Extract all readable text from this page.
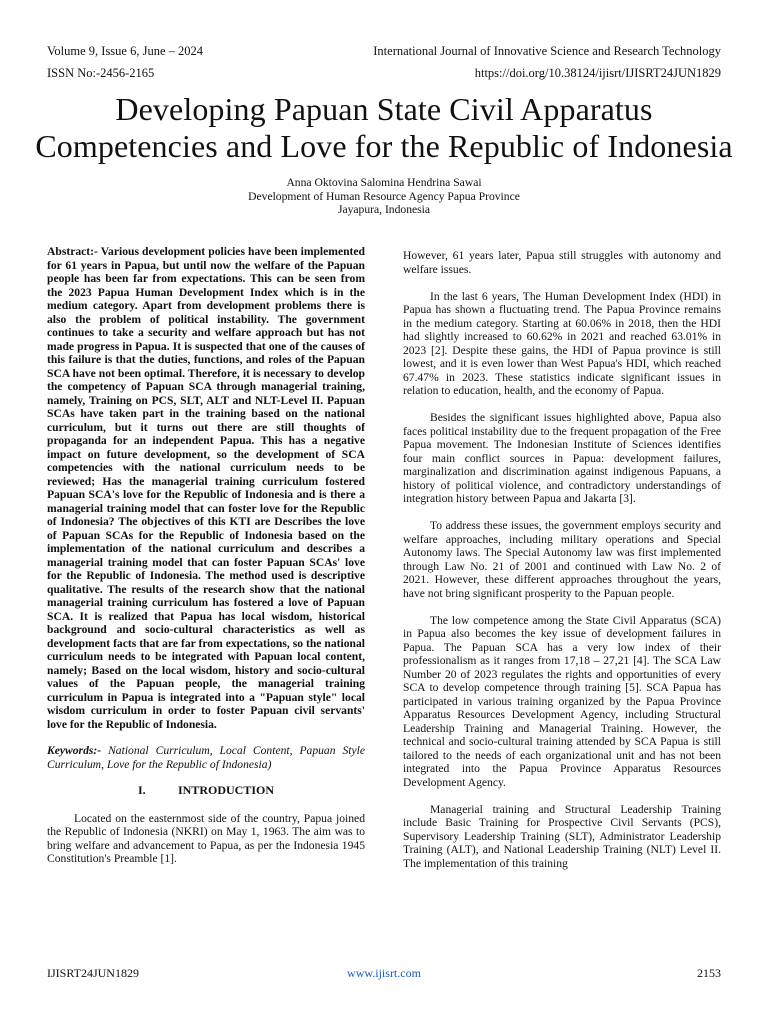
Volume 9, Issue 6, June – 2024	International Journal of Innovative Science and Research Technology
ISSN No:-2456-2165	https://doi.org/10.38124/ijisrt/IJISRT24JUN1829
Developing Papuan State Civil Apparatus
Competencies and Love for the Republic of Indonesia
Anna Oktovina Salomina Hendrina Sawai
Development of Human Resource Agency Papua Province
Jayapura, Indonesia

Abstract:- Various development policies have been implemented for 61 years in Papua, but until now the welfare of the Papuan people has been far from expectations. This can be seen from the 2023 Papua Human Development Index which is in the medium category. Apart from development problems there is also the problem of political instability. The government continues to take a security and welfare approach but has not made progress in Papua. It is suspected that one of the causes of this failure is that the duties, functions, and roles of the Papuan SCA have not been optimal. Therefore, it is necessary to develop the competency of Papuan SCA through managerial training, namely, Training on PCS, SLT, ALT and NLT-Level II. Papuan SCAs have taken part in the training based on the national curriculum, but it turns out there are still thoughts of propaganda for an independent Papua. This has a negative impact on future development, so the development of SCA competencies with the national curriculum needs to be reviewed; Has the managerial training curriculum fostered Papuan SCA's love for the Republic of Indonesia and is there a managerial training model that can foster love for the Republic of Indonesia? The objectives of this KTI are Describes the love of Papuan SCAs for the Republic of Indonesia based on the implementation of the national curriculum and describes a managerial training model that can foster Papuan SCAs' love for the Republic of Indonesia. The method used is descriptive qualitative. The results of the research show that the national managerial training curriculum has fostered a love of Papuan SCA. It is realized that Papua has local wisdom, historical background and socio-cultural characteristics as well as development facts that are far from expectations, so the national curriculum needs to be integrated with Papuan local content, namely; Based on the local wisdom, history and socio-cultural values of the Papuan people, the managerial training curriculum in Papua is integrated into a "Papuan style" local wisdom curriculum in order to foster Papuan civil servants' love for the Republic of Indonesia.

Keywords:- National Curriculum, Local Content, Papuan Style Curriculum, Love for the Republic of Indonesia)

I.	INTRODUCTION

Located on the easternmost side of the country, Papua joined the Republic of Indonesia (NKRI) on May 1, 1963. The aim was to bring welfare and advancement to Papua, as per the Indonesia 1945 Constitution's Preamble [1].

However, 61 years later, Papua still struggles with autonomy and welfare issues.

In the last 6 years, The Human Development Index (HDI) in Papua has shown a fluctuating trend. The Papua Province remains in the medium category. Starting at 60.06% in 2018, then the HDI had slightly increased to 60.62% in 2021 and reached 63.01% in 2023 [2]. Despite these gains, the HDI of Papua province is still lowest, and it is even lower than West Papua's HDI, which reached 67.47% in 2023. These statistics indicate significant issues in relation to education, health, and the economy of Papua.

Besides the significant issues highlighted above, Papua also faces political instability due to the frequent propagation of the Free Papua movement. The Indonesian Institute of Sciences identifies four main conflict sources in Papua: development failures, marginalization and discrimination against indigenous Papuans, a history of political violence, and contradictory understandings of integration history between Papua and Jakarta [3].

To address these issues, the government employs security and welfare approaches, including military operations and Special Autonomy laws. The Special Autonomy law was first implemented through Law No. 21 of 2001 and continued with Law No. 2 of 2021. However, these different approaches throughout the years, have not bring significant prosperity to the Papuan people.

The low competence among the State Civil Apparatus (SCA) in Papua also becomes the key issue of development failures in Papua. The Papuan SCA has a very low index of their professionalism as it ranges from 17,18 – 27,21 [4]. The SCA Law Number 20 of 2023 regulates the rights and opportunities of every SCA to develop competence through training [5]. SCA Papua has participated in various training organized by the Papua Province Apparatus Resources Development Agency, including Structural Leadership Training and Managerial Training. However, the technical and socio-cultural training attended by SCA Papua is still tailored to the needs of each organizational unit and has not been integrated into the Papua Province Apparatus Resources Development Agency.

Managerial training and Structural Leadership Training include Basic Training for Prospective Civil Servants (PCS), Supervisory Leadership Training (SLT), Administrator Leadership Training (ALT), and National Leadership Training (NLT) Level II. The implementation of this training

IJISRT24JUN1829	www.ijisrt.com	2153
